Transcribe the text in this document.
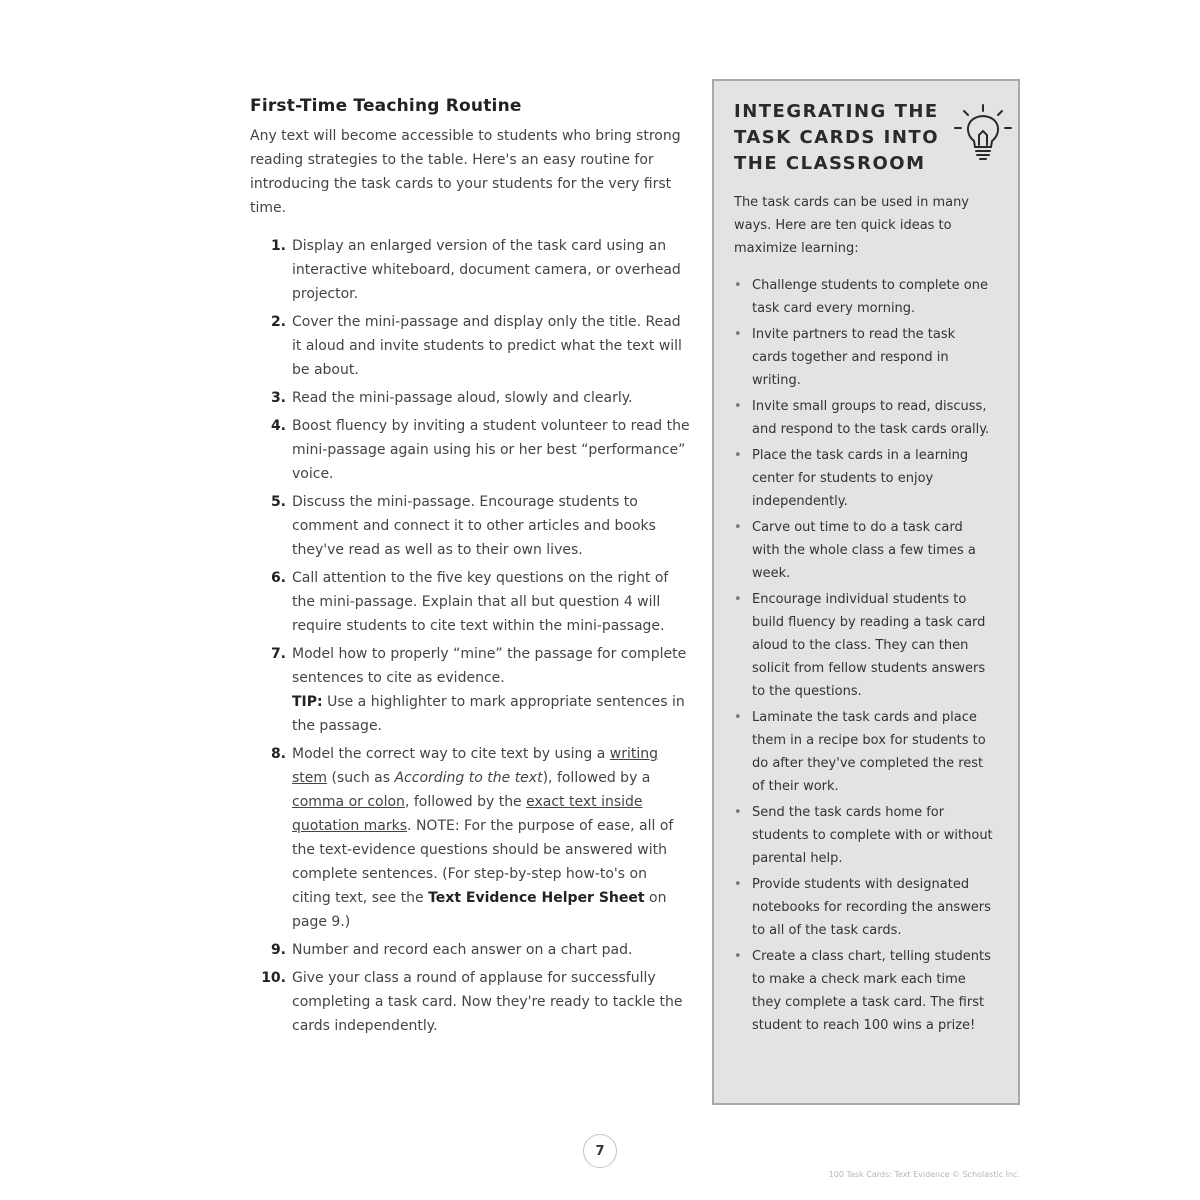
First-Time Teaching Routine

Any text will become accessible to students who bring strong reading strategies to the table. Here's an easy routine for introducing the task cards to your students for the very first time.

1. Display an enlarged version of the task card using an interactive whiteboard, document camera, or overhead projector.
2. Cover the mini-passage and display only the title. Read it aloud and invite students to predict what the text will be about.
3. Read the mini-passage aloud, slowly and clearly.
4. Boost fluency by inviting a student volunteer to read the mini-passage again using his or her best “performance” voice.
5. Discuss the mini-passage. Encourage students to comment and connect it to other articles and books they've read as well as to their own lives.
6. Call attention to the five key questions on the right of the mini-passage. Explain that all but question 4 will require students to cite text within the mini-passage.
7. Model how to properly “mine” the passage for complete sentences to cite as evidence.
TIP: Use a highlighter to mark appropriate sentences in the passage.
8. Model the correct way to cite text by using a writing stem (such as According to the text), followed by a comma or colon, followed by the exact text inside quotation marks. NOTE: For the purpose of ease, all of the text-evidence questions should be answered with complete sentences. (For step-by-step how-to's on citing text, see the Text Evidence Helper Sheet on page 9.)
9. Number and record each answer on a chart pad.
10. Give your class a round of applause for successfully completing a task card. Now they're ready to tackle the cards independently.
INTEGRATING THE TASK CARDS INTO THE CLASSROOM

The task cards can be used in many ways. Here are ten quick ideas to maximize learning:

• Challenge students to complete one task card every morning.
• Invite partners to read the task cards together and respond in writing.
• Invite small groups to read, discuss, and respond to the task cards orally.
• Place the task cards in a learning center for students to enjoy independently.
• Carve out time to do a task card with the whole class a few times a week.
• Encourage individual students to build fluency by reading a task card aloud to the class. They can then solicit from fellow students answers to the questions.
• Laminate the task cards and place them in a recipe box for students to do after they've completed the rest of their work.
• Send the task cards home for students to complete with or without parental help.
• Provide students with designated notebooks for recording the answers to all of the task cards.
• Create a class chart, telling students to make a check mark each time they complete a task card. The first student to reach 100 wins a prize!
7
100 Task Cards: Text Evidence © Scholastic Inc.
